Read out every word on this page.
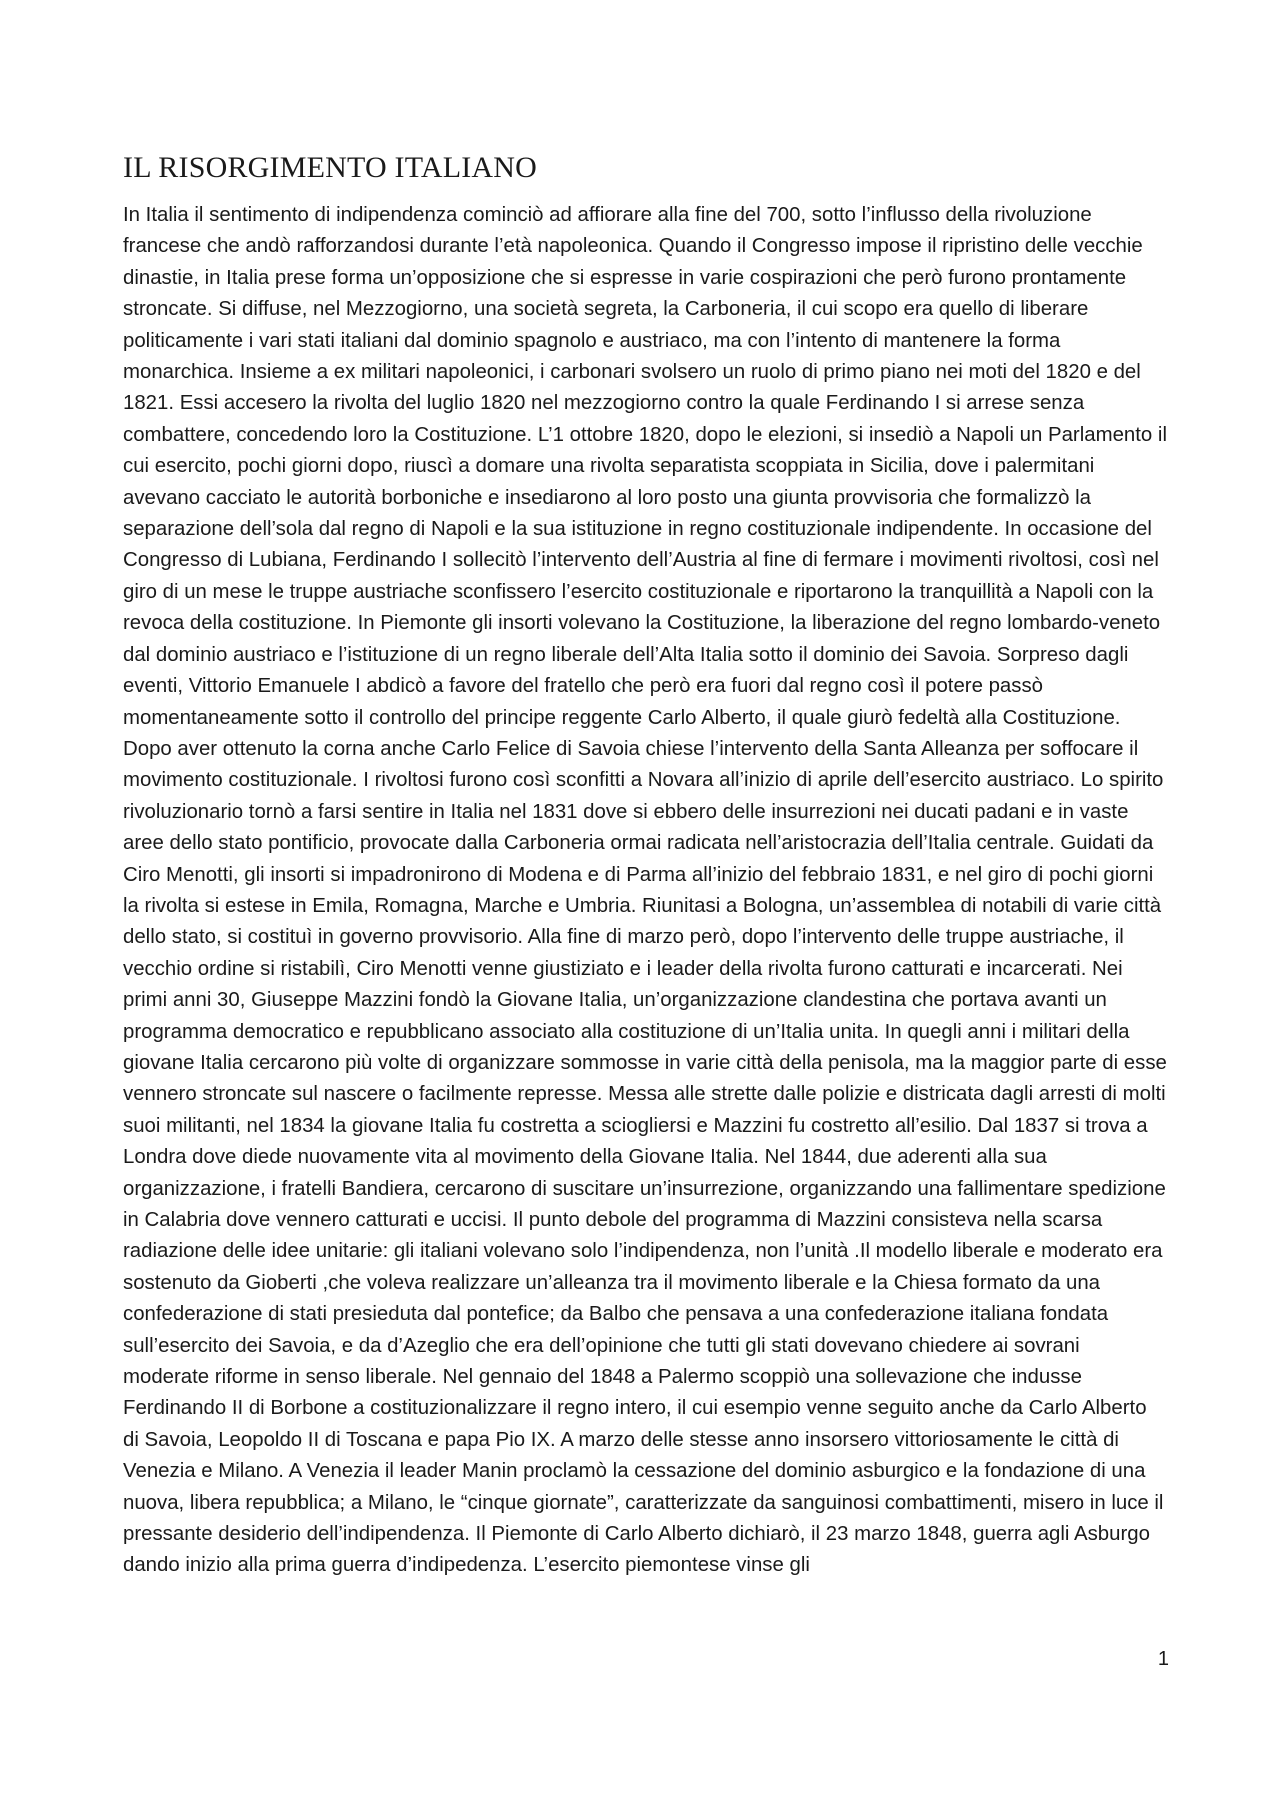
IL RISORGIMENTO ITALIANO

In Italia il sentimento di indipendenza cominciò ad affiorare alla fine del 700, sotto l’influsso della rivoluzione francese che andò rafforzandosi durante l’età napoleonica. Quando il Congresso impose il ripristino delle vecchie dinastie, in Italia prese forma un’opposizione che si espresse in varie cospirazioni che però furono prontamente stroncate. Si diffuse, nel Mezzogiorno, una società segreta, la Carboneria, il cui scopo era quello di liberare politicamente i vari stati italiani dal dominio spagnolo e austriaco, ma con l’intento di mantenere la forma monarchica. Insieme a ex militari napoleonici, i carbonari svolsero un ruolo di primo piano nei moti del 1820 e del 1821. Essi accesero la rivolta del luglio 1820 nel mezzogiorno contro la quale Ferdinando I si arrese senza combattere, concedendo loro la Costituzione. L’1 ottobre 1820, dopo le elezioni, si insediò a Napoli un Parlamento il cui esercito, pochi giorni dopo, riuscì a domare una rivolta separatista scoppiata in Sicilia, dove i palermitani avevano cacciato le autorità borboniche e insediarono al loro posto una giunta provvisoria che formalizzò la separazione dell’sola dal regno di Napoli e la sua istituzione in regno costituzionale indipendente. In occasione del Congresso di Lubiana, Ferdinando I sollecitò l’intervento dell’Austria al fine di fermare i movimenti rivoltosi, così nel giro di un mese le truppe austriache sconfissero l’esercito costituzionale e riportarono la tranquillità a Napoli con la revoca della costituzione. In Piemonte gli insorti volevano la Costituzione, la liberazione del regno lombardo-veneto dal dominio austriaco e l’istituzione di un regno liberale dell’Alta Italia sotto il dominio dei Savoia. Sorpreso dagli eventi, Vittorio Emanuele I abdicò a favore del fratello che però era fuori dal regno così il potere passò momentaneamente sotto il controllo del principe reggente Carlo Alberto, il quale giurò fedeltà alla Costituzione. Dopo aver ottenuto la corna anche Carlo Felice di Savoia chiese l’intervento della Santa Alleanza per soffocare il movimento costituzionale. I rivoltosi furono così sconfitti a Novara all’inizio di aprile dell’esercito austriaco. Lo spirito rivoluzionario tornò a farsi sentire in Italia nel 1831 dove si ebbero delle insurrezioni nei ducati padani e in vaste aree dello stato pontificio, provocate dalla Carboneria ormai radicata nell’aristocrazia dell’Italia centrale. Guidati da Ciro Menotti, gli insorti si impadronirono di Modena e di Parma all’inizio del febbraio 1831, e nel giro di pochi giorni la rivolta si estese in Emila, Romagna, Marche e Umbria. Riunitasi a Bologna, un’assemblea di notabili di varie città dello stato, si costituì in governo provvisorio. Alla fine di marzo però, dopo l’intervento delle truppe austriache, il vecchio ordine si ristabilì, Ciro Menotti venne giustiziato e i leader della rivolta furono catturati e incarcerati. Nei primi anni 30, Giuseppe Mazzini fondò la Giovane Italia, un’organizzazione clandestina che portava avanti un programma democratico e repubblicano associato alla costituzione di un’Italia unita. In quegli anni i militari della giovane Italia cercarono più volte di organizzare sommosse in varie città della penisola, ma la maggior parte di esse vennero stroncate sul nascere o facilmente represse. Messa alle strette dalle polizie e districata dagli arresti di molti suoi militanti, nel 1834 la giovane Italia fu costretta a sciogliersi e Mazzini fu costretto all’esilio. Dal 1837 si trova a Londra dove diede nuovamente vita al movimento della Giovane Italia. Nel 1844, due aderenti alla sua organizzazione, i fratelli Bandiera, cercarono di suscitare un’insurrezione, organizzando una fallimentare spedizione in Calabria dove vennero catturati e uccisi. Il punto debole del programma di Mazzini consisteva nella scarsa radiazione delle idee unitarie: gli italiani volevano solo l’indipendenza, non l’unità .Il modello liberale e moderato era sostenuto da Gioberti ,che voleva realizzare un’alleanza tra il movimento liberale e la Chiesa formato da una confederazione di stati presieduta dal pontefice; da Balbo che pensava a una confederazione italiana fondata sull’esercito dei Savoia, e da d’Azeglio che era dell’opinione che tutti gli stati dovevano chiedere ai sovrani moderate riforme in senso liberale. Nel gennaio del 1848 a Palermo scoppiò una sollevazione che indusse Ferdinando II di Borbone a costituzionalizzare il regno intero, il cui esempio venne seguito anche da Carlo Alberto di Savoia, Leopoldo II di Toscana e papa Pio IX. A marzo delle stesse anno insorsero vittoriosamente le città di Venezia e Milano. A Venezia il leader Manin proclamò la cessazione del dominio asburgico e la fondazione di una nuova, libera repubblica; a Milano, le “cinque giornate”, caratterizzate da sanguinosi combattimenti, misero in luce il pressante desiderio dell’indipendenza. Il Piemonte di Carlo Alberto dichiarò, il 23 marzo 1848, guerra agli Asburgo dando inizio alla prima guerra d’indipedenza. L’esercito piemontese vinse gli

1
